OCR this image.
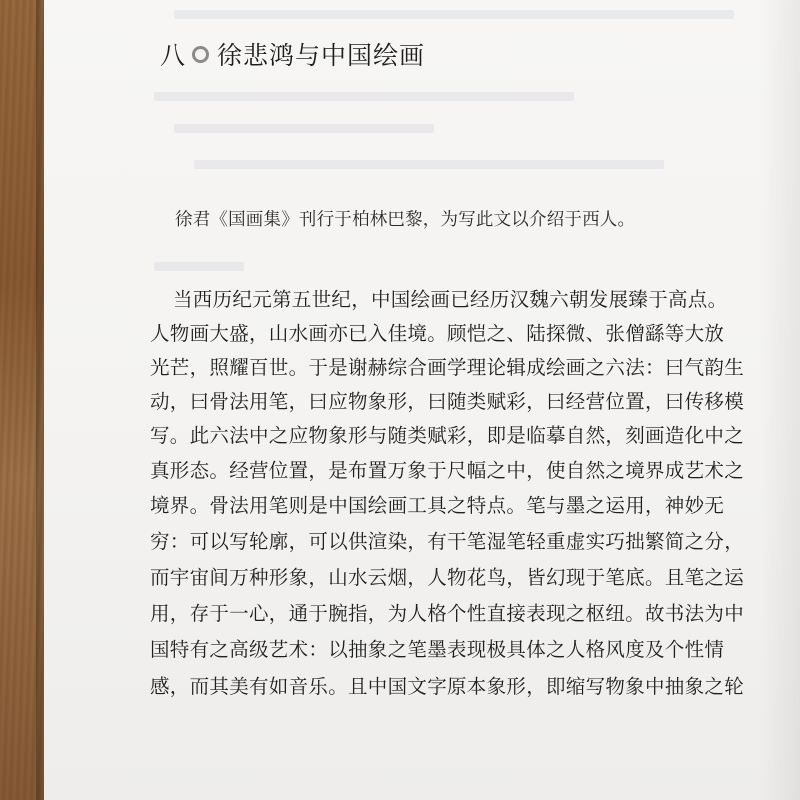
八 徐悲鸿与中国绘画
徐君《国画集》刊行于柏林巴黎，为写此文以介绍于西人。
当西历纪元第五世纪，中国绘画已经历汉魏六朝发展臻于高点。
人物画大盛，山水画亦已入佳境。顾恺之、陆探微、张僧繇等大放
光芒，照耀百世。于是谢赫综合画学理论辑成绘画之六法：曰气韵生
动，曰骨法用笔，曰应物象形，曰随类赋彩，曰经营位置，曰传移模
写。此六法中之应物象形与随类赋彩，即是临摹自然，刻画造化中之
真形态。经营位置，是布置万象于尺幅之中，使自然之境界成艺术之
境界。骨法用笔则是中国绘画工具之特点。笔与墨之运用，神妙无
穷：可以写轮廓，可以供渲染，有干笔湿笔轻重虚实巧拙繁简之分，
而宇宙间万种形象，山水云烟，人物花鸟，皆幻现于笔底。且笔之运
用，存于一心，通于腕指，为人格个性直接表现之枢纽。故书法为中
国特有之高级艺术：以抽象之笔墨表现极具体之人格风度及个性情
感，而其美有如音乐。且中国文字原本象形，即缩写物象中抽象之轮
